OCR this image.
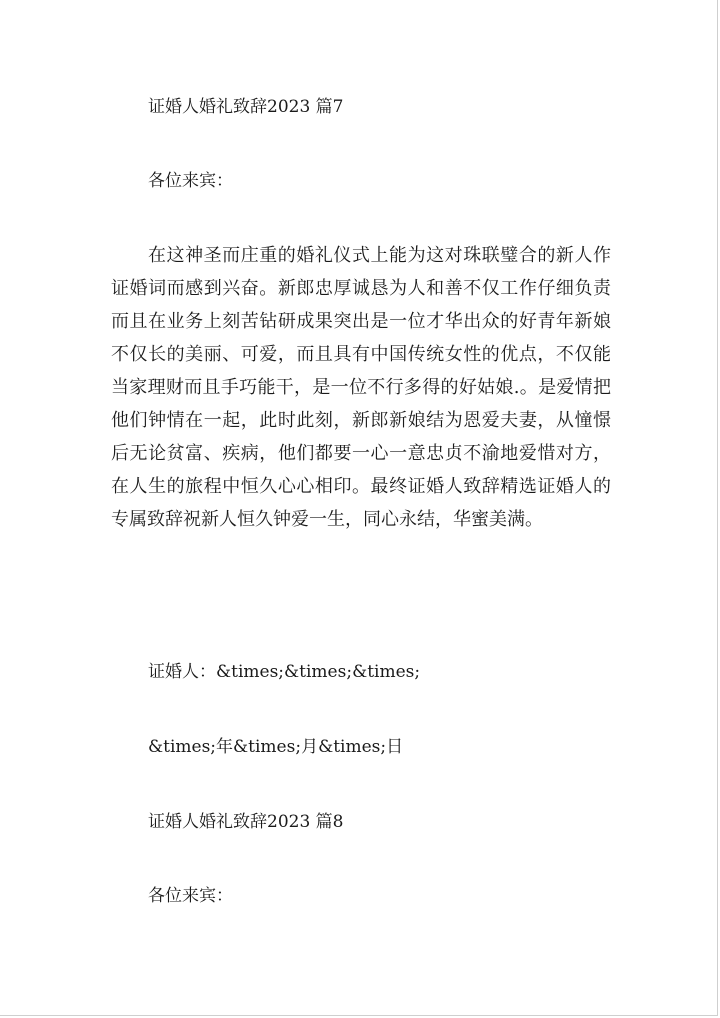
证婚人婚礼致辞2023 篇7
各位来宾：
在这神圣而庄重的婚礼仪式上能为这对珠联璧合的新人作证婚词而感到兴奋。新郎忠厚诚恳为人和善不仅工作仔细负责而且在业务上刻苦钻研成果突出是一位才华出众的好青年新娘不仅长的美丽、可爱，而且具有中国传统女性的优点，不仅能当家理财而且手巧能干，是一位不行多得的好姑娘.。是爱情把他们钟情在一起，此时此刻，新郎新娘结为恩爱夫妻，从憧憬后无论贫富、疾病，他们都要一心一意忠贞不渝地爱惜对方，在人生的旅程中恒久心心相印。最终证婚人致辞精选证婚人的专属致辞祝新人恒久钟爱一生，同心永结，华蜜美满。
证婚人：&times;&times;&times;
&times;年&times;月&times;日
证婚人婚礼致辞2023 篇8
各位来宾：
